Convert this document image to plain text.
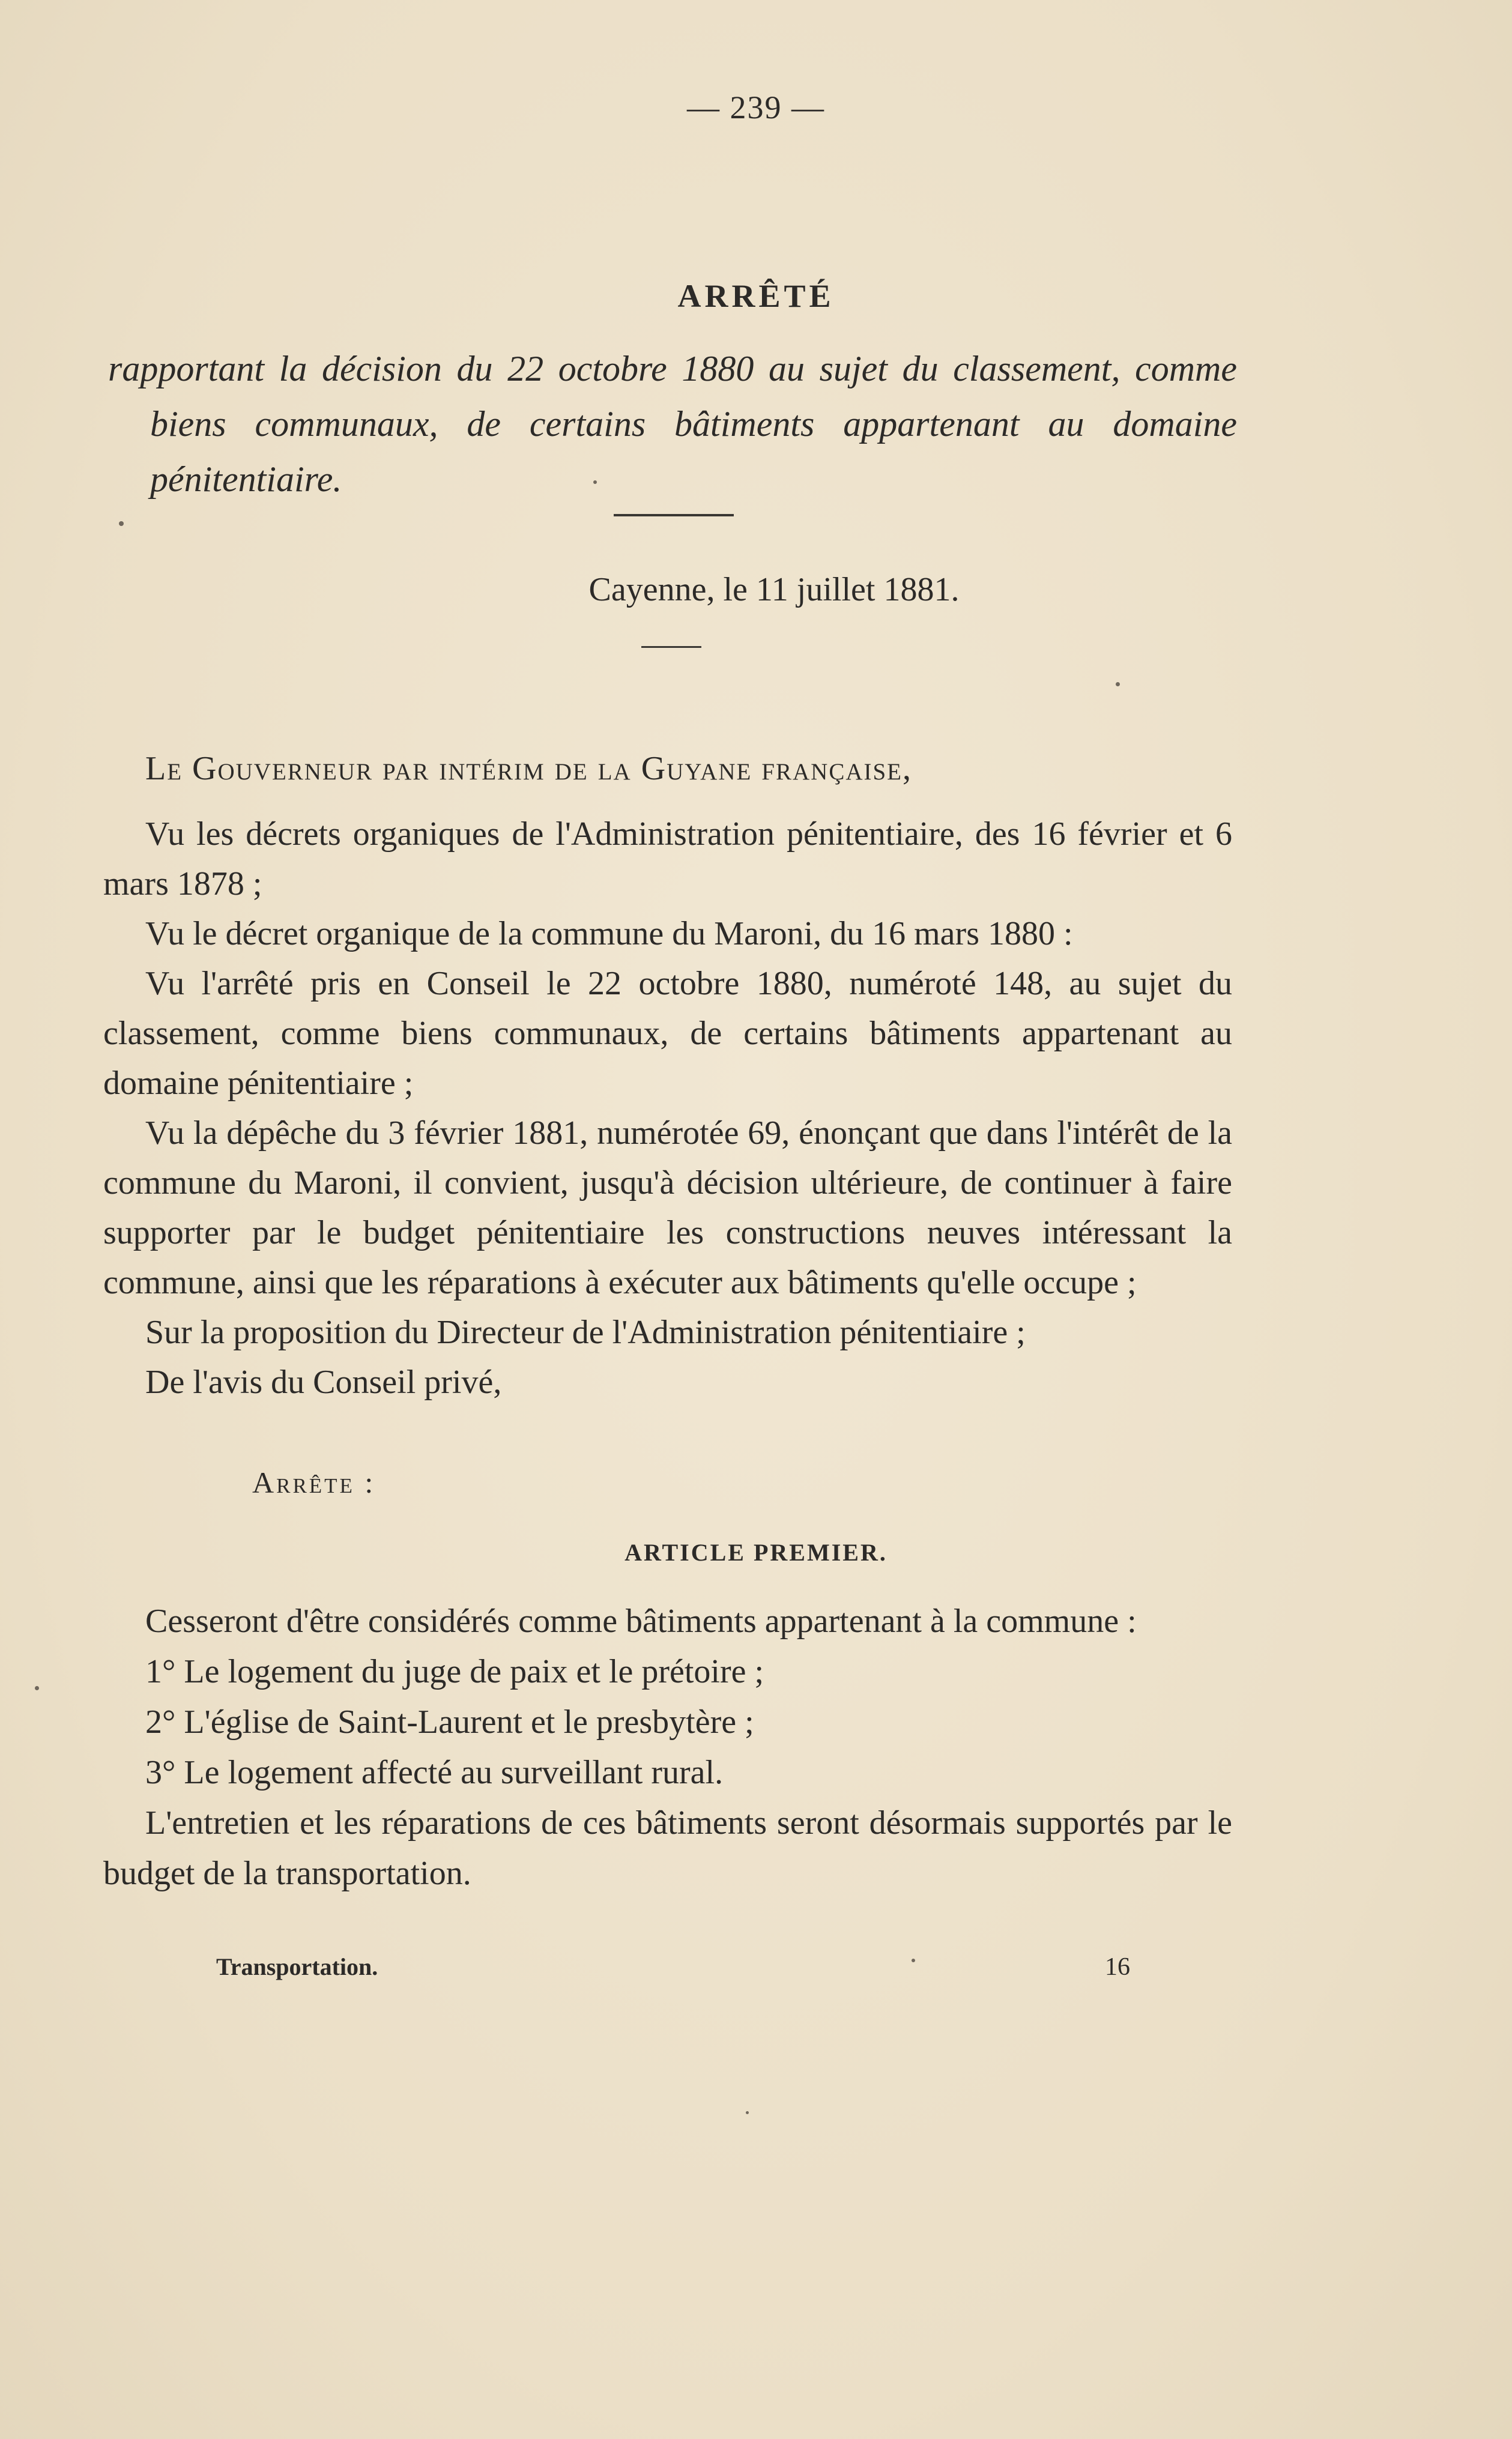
— 239 —
ARRÊTÉ
rapportant la décision du 22 octobre 1880 au sujet du classement, comme
biens communaux, de certains bâtiments appartenant au domaine
pénitentiaire.
Cayenne, le 11 juillet 1881.
Le Gouverneur par intérim de la Guyane française,

Vu les décrets organiques de l'Administration pénitentiaire, des 16 février et 6 mars 1878 ;

Vu le décret organique de la commune du Maroni, du 16 mars 1880 :

Vu l'arrêté pris en Conseil le 22 octobre 1880, numéroté 148, au sujet du classement, comme biens communaux, de certains bâtiments appartenant au domaine pénitentiaire ;

Vu la dépêche du 3 février 1881, numérotée 69, énonçant que dans l'intérêt de la commune du Maroni, il convient, jusqu'à décision ultérieure, de continuer à faire supporter par le budget pénitentiaire les constructions neuves intéressant la commune, ainsi que les réparations à exécuter aux bâtiments qu'elle occupe ;

Sur la proposition du Directeur de l'Administration pénitentiaire ;

De l'avis du Conseil privé,

Arrête :
ARTICLE PREMIER.

Cesseront d'être considérés comme bâtiments appartenant à la commune :

1° Le logement du juge de paix et le prétoire ;

2° L'église de Saint-Laurent et le presbytère ;

3° Le logement affecté au surveillant rural.

L'entretien et les réparations de ces bâtiments seront désormais supportés par le budget de la transportation.

Transportation.	16
